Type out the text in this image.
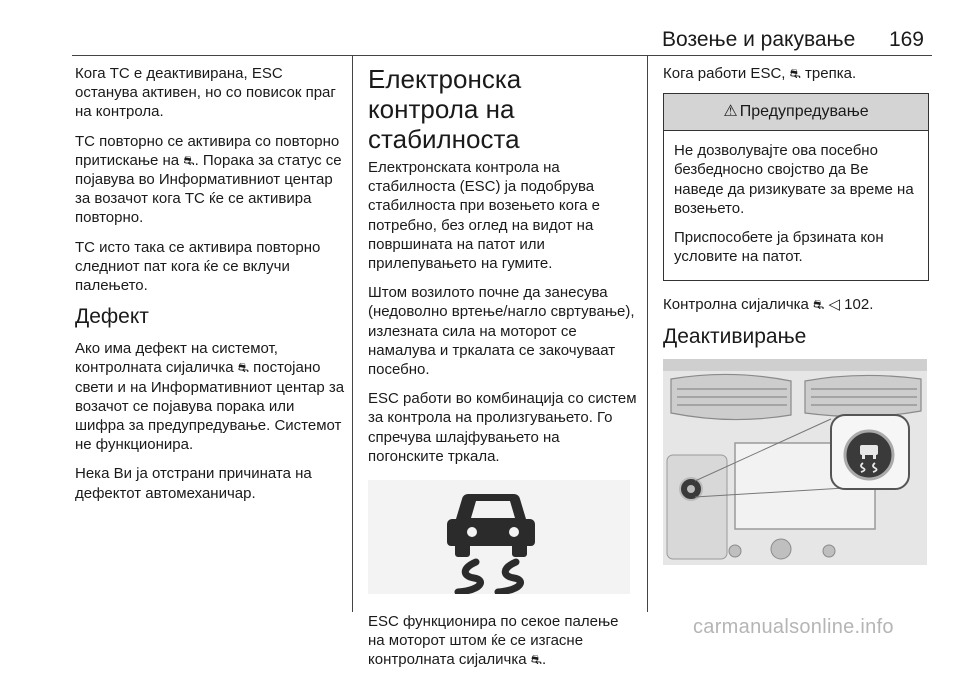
Возење и ракување	169

Кога TC е деактивирана, ESC останува активен, но со повисок праг на контрола.

TC повторно се активира со повторно притискање на ⛐. Порака за статус се појавува во Информативниот центар за возачот кога TC ќе се активира повторно.

TC исто така се активира повторно следниот пат кога ќе се вклучи палењето.

Дефект

Ако има дефект на системот, контролната сијаличка ⛐ постојано свети и на Информативниот центар за возачот се појавува порака или шифра за предупредување. Системот не функционира.

Нека Ви ја отстрани причината на дефектот автомеханичар.

Електронска контрола на стабилноста

Електронската контрола на стабилноста (ESC) ја подобрува стабилноста при возењето кога е потребно, без оглед на видот на површината на патот или прилепувањето на гумите.

Штом возилото почне да занесува (недоволно вртење/нагло свртување), излезната сила на моторот се намалува и тркалата се закочуваат посебно.

ESC работи во комбинација со систем за контрола на пролизгувањето. Го спречува шлајфувањето на погонските тркала.

ESC функционира по секое палење на моторот штом ќе се изгасне контролната сијаличка ⛐.

Кога работи ESC, ⛐ трепка.

⚠ Предупредување

Не дозволувајте ова посебно безбедносно својство да Ве наведе да ризикувате за време на возењето.

Приспособете ја брзината кон условите на патот.

Контролна сијаличка ⛐ ◁ 102.

Деактивирање

carmanualsonline.info
